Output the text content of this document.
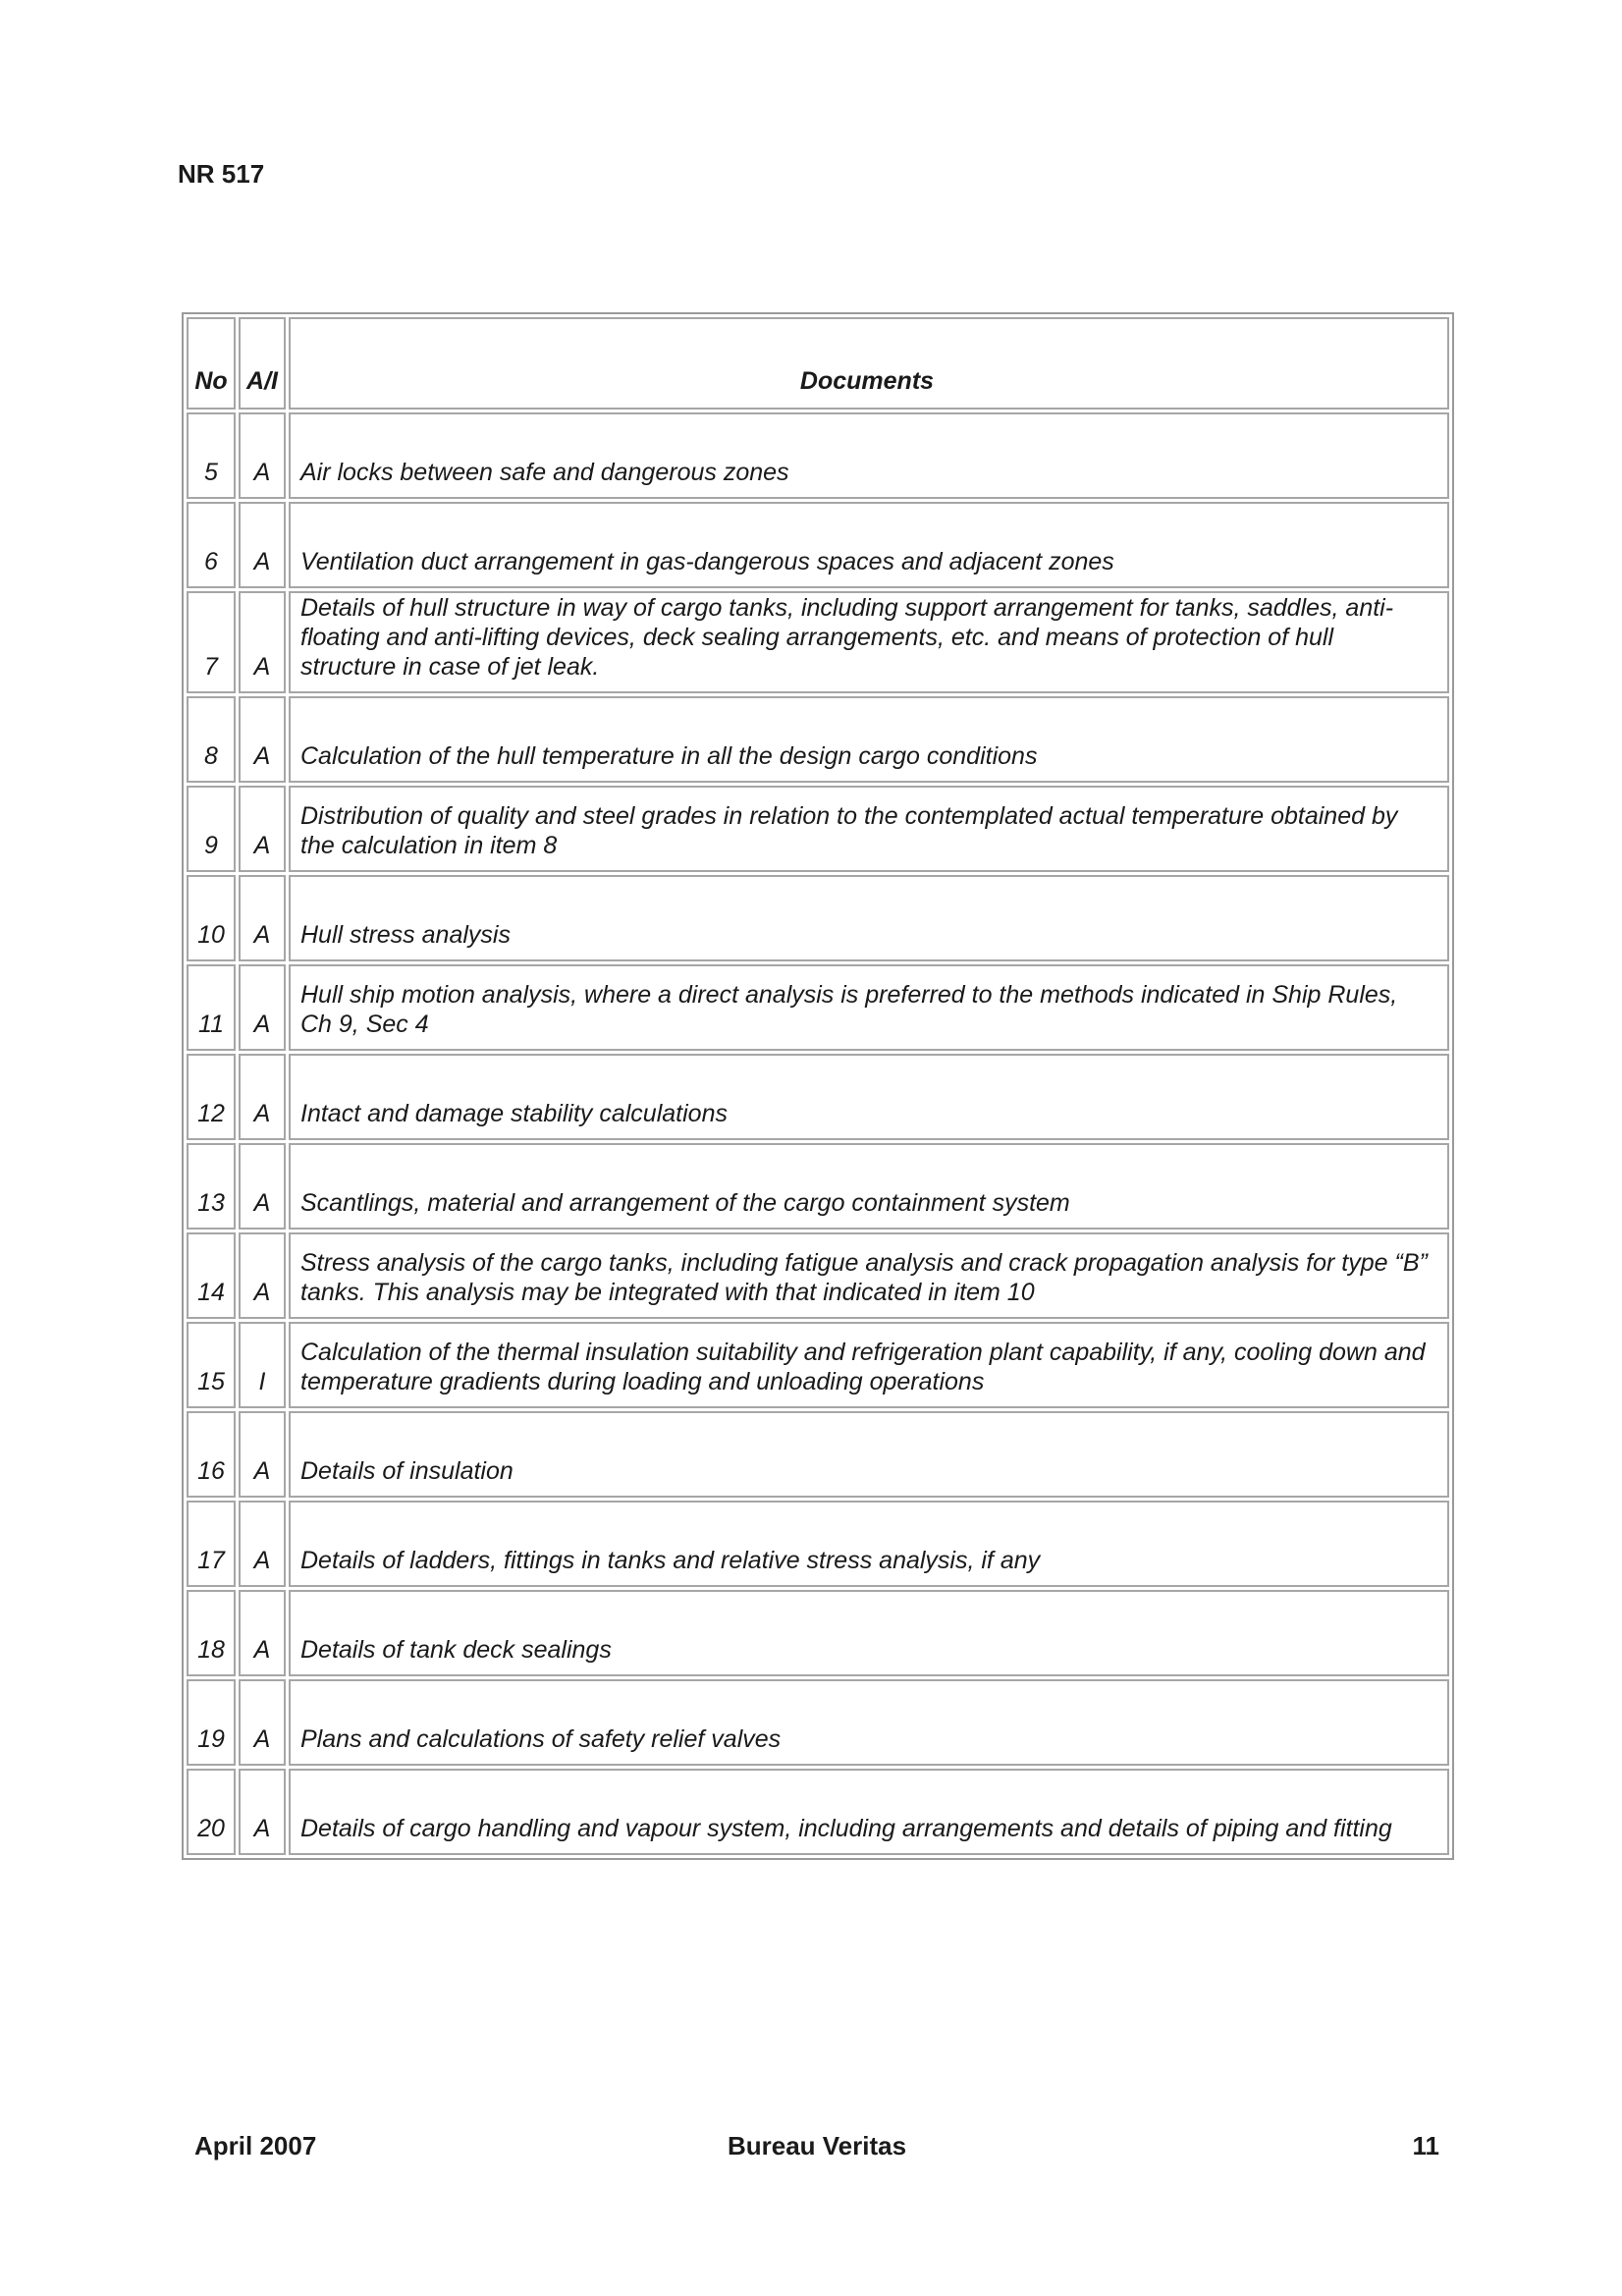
NR 517
No	A/I	Documents
5	A	Air locks between safe and dangerous zones
6	A	Ventilation duct arrangement in gas-dangerous spaces and adjacent zones
7	A	Details of hull structure in way of cargo tanks, including support arrangement for tanks, saddles, anti-floating and anti-lifting devices, deck sealing arrangements, etc. and means of protection of hull structure in case of jet leak.
8	A	Calculation of the hull temperature in all the design cargo conditions
9	A	Distribution of quality and steel grades in relation to the contemplated actual temperature obtained by the calculation in item 8
10	A	Hull stress analysis
11	A	Hull ship motion analysis, where a direct analysis is preferred to the methods indicated in Ship Rules, Ch 9, Sec 4
12	A	Intact and damage stability calculations
13	A	Scantlings, material and arrangement of the cargo containment system
14	A	Stress analysis of the cargo tanks, including fatigue analysis and crack propagation analysis for type “B” tanks. This analysis may be integrated with that indicated in item 10
15	I	Calculation of the thermal insulation suitability and refrigeration plant capability, if any, cooling down and temperature gradients during loading and unloading operations
16	A	Details of insulation
17	A	Details of ladders, fittings in tanks and relative stress analysis, if any
18	A	Details of tank deck sealings
19	A	Plans and calculations of safety relief valves
20	A	Details of cargo handling and vapour system, including arrangements and details of piping and fitting
April 2007	Bureau Veritas	11
